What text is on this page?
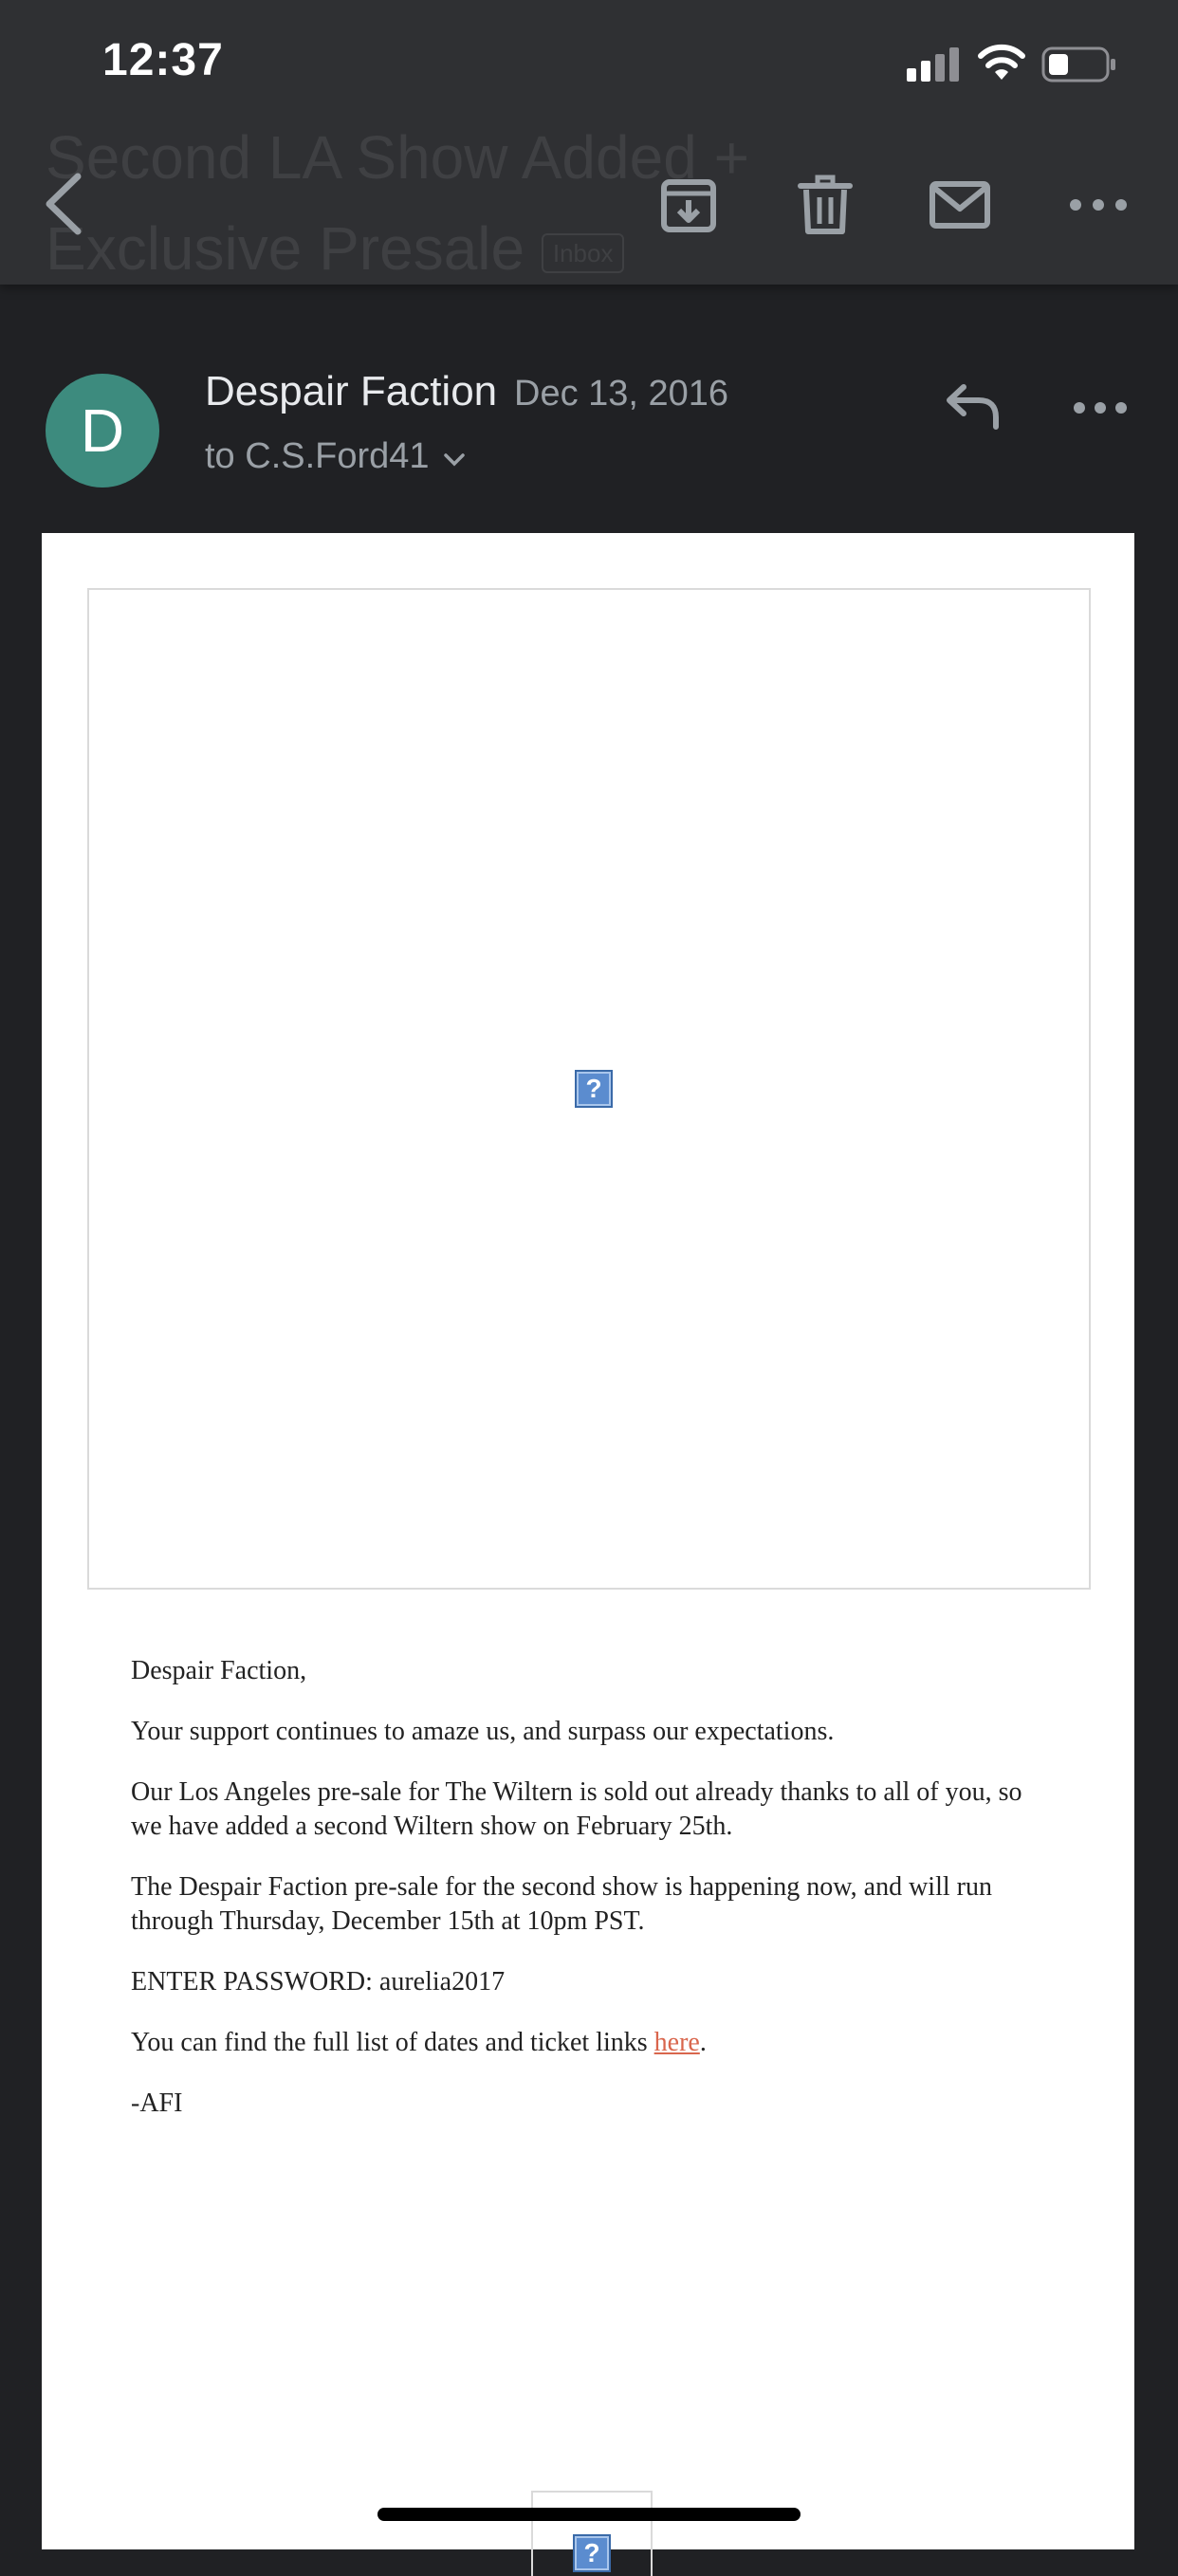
12:37
Second LA Show Added + Exclusive Presale Inbox
D
Despair Faction Dec 13, 2016
to C.S.Ford41
?

Despair Faction,

Your support continues to amaze us, and surpass our expectations.

Our Los Angeles pre-sale for The Wiltern is sold out already thanks to all of you, so we have added a second Wiltern show on February 25th.

The Despair Faction pre-sale for the second show is happening now, and will run through Thursday, December 15th at 10pm PST.

ENTER PASSWORD: aurelia2017

You can find the full list of dates and ticket links here.

-AFI

?
